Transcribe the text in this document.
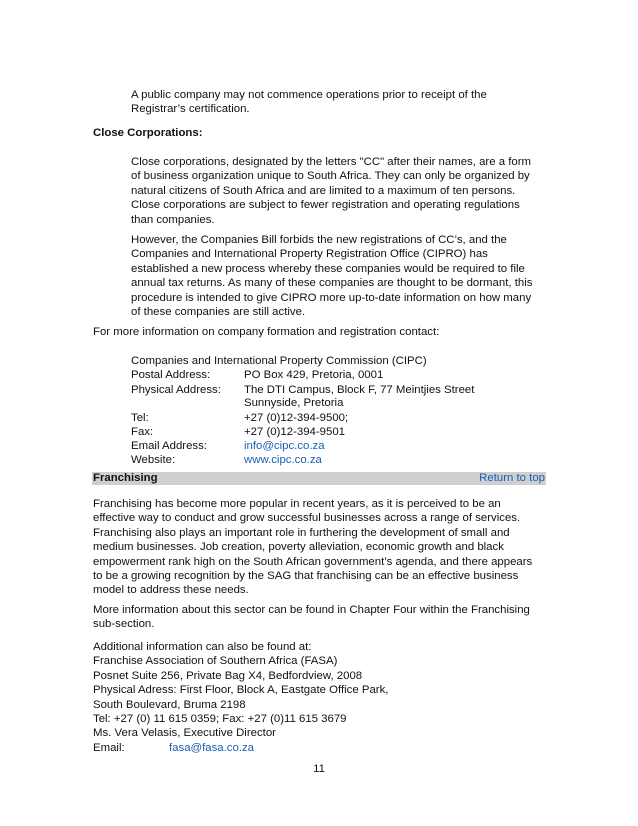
A public company may not commence operations prior to receipt of the
Registrar’s certification.
Close Corporations:
Close corporations, designated by the letters "CC" after their names, are a form
of business organization unique to South Africa. They can only be organized by
natural citizens of South Africa and are limited to a maximum of ten persons.
Close corporations are subject to fewer registration and operating regulations
than companies.
However, the Companies Bill forbids the new registrations of CC’s, and the
Companies and International Property Registration Office (CIPRO) has
established a new process whereby these companies would be required to file
annual tax returns. As many of these companies are thought to be dormant, this
procedure is intended to give CIPRO more up-to-date information on how many
of these companies are still active.
For more information on company formation and registration contact:
Companies and International Property Commission (CIPC)
Postal Address:	PO Box 429, Pretoria, 0001
Physical Address: The DTI Campus, Block F, 77 Meintjies Street
Sunnyside, Pretoria
Tel:	+27 (0)12-394-9500;
Fax:	+27 (0)12-394-9501
Email Address:	info@cipc.co.za
Website:	www.cipc.co.za
Franchising	Return to top
Franchising has become more popular in recent years, as it is perceived to be an
effective way to conduct and grow successful businesses across a range of services.
Franchising also plays an important role in furthering the development of small and
medium businesses. Job creation, poverty alleviation, economic growth and black
empowerment rank high on the South African government’s agenda, and there appears
to be a growing recognition by the SAG that franchising can be an effective business
model to address these needs.
More information about this sector can be found in Chapter Four within the Franchising
sub-section.
Additional information can also be found at:
Franchise Association of Southern Africa (FASA)
Posnet Suite 256, Private Bag X4, Bedfordview, 2008
Physical Adress: First Floor, Block A, Eastgate Office Park,
South Boulevard, Bruma 2198
Tel: +27 (0) 11 615 0359; Fax: +27 (0)11 615 3679
Ms. Vera Velasis, Executive Director
Email:	fasa@fasa.co.za
11
